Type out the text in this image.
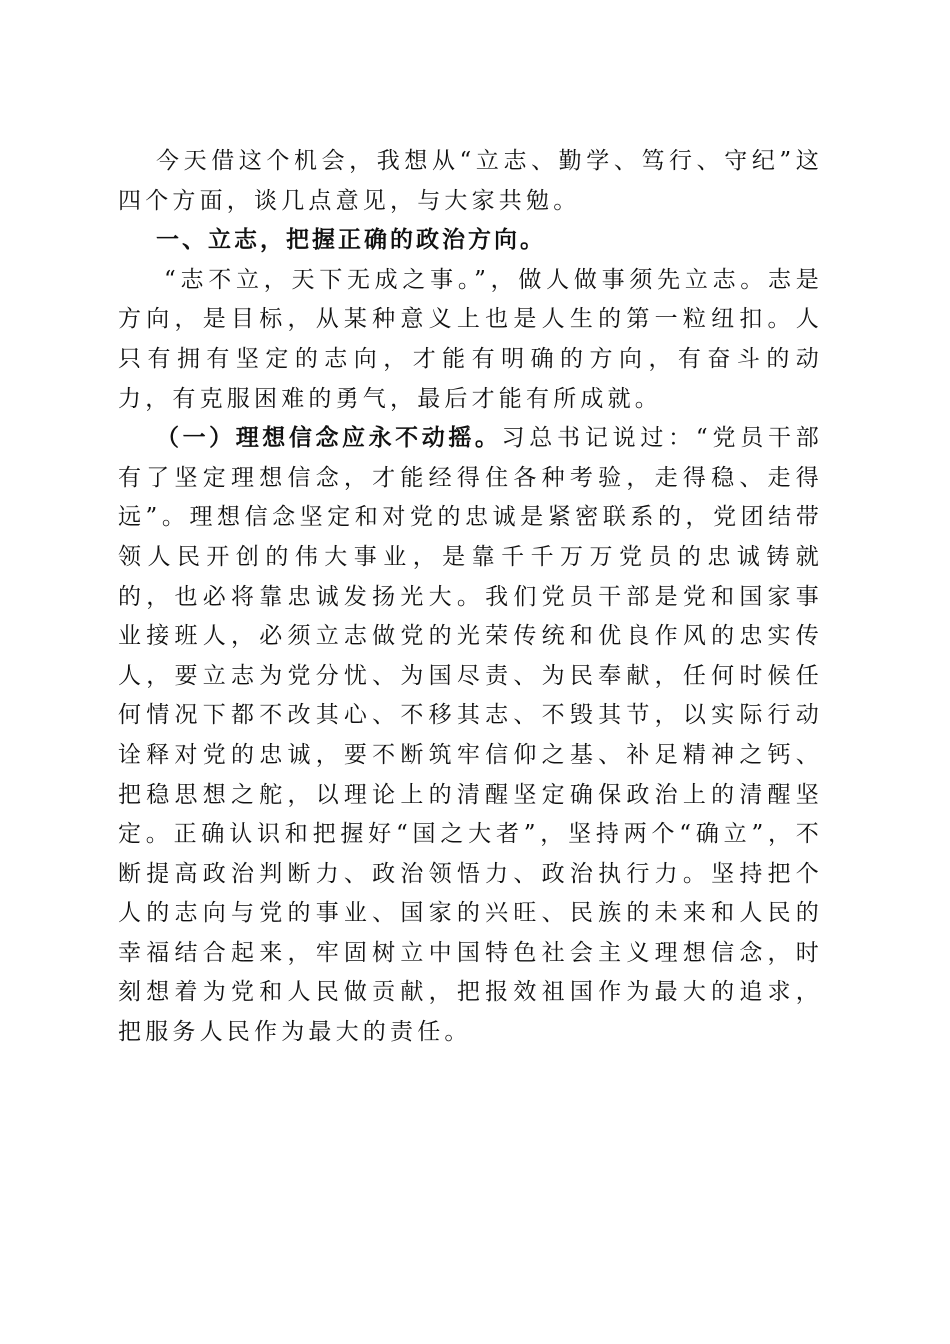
今天借这个机会，我想从“立志、勤学、笃行、守纪”这四个方面，谈几点意见，与大家共勉。

一、立志，把握正确的政治方向。

“志不立，天下无成之事。”，做人做事须先立志。志是方向，是目标，从某种意义上也是人生的第一粒纽扣。人只有拥有坚定的志向，才能有明确的方向，有奋斗的动力，有克服困难的勇气，最后才能有所成就。

（一）理想信念应永不动摇。习总书记说过：“党员干部有了坚定理想信念，才能经得住各种考验，走得稳、走得远”。理想信念坚定和对党的忠诚是紧密联系的，党团结带领人民开创的伟大事业，是靠千千万万党员的忠诚铸就的，也必将靠忠诚发扬光大。我们党员干部是党和国家事业接班人，必须立志做党的光荣传统和优良作风的忠实传人，要立志为党分忧、为国尽责、为民奉献，任何时候任何情况下都不改其心、不移其志、不毁其节，以实际行动诠释对党的忠诚，要不断筑牢信仰之基、补足精神之钙、把稳思想之舵，以理论上的清醒坚定确保政治上的清醒坚定。正确认识和把握好“国之大者”，坚持两个“确立”，不断提高政治判断力、政治领悟力、政治执行力。坚持把个人的志向与党的事业、国家的兴旺、民族的未来和人民的幸福结合起来，牢固树立中国特色社会主义理想信念，时刻想着为党和人民做贡献，把报效祖国作为最大的追求，把服务人民作为最大的责任。
